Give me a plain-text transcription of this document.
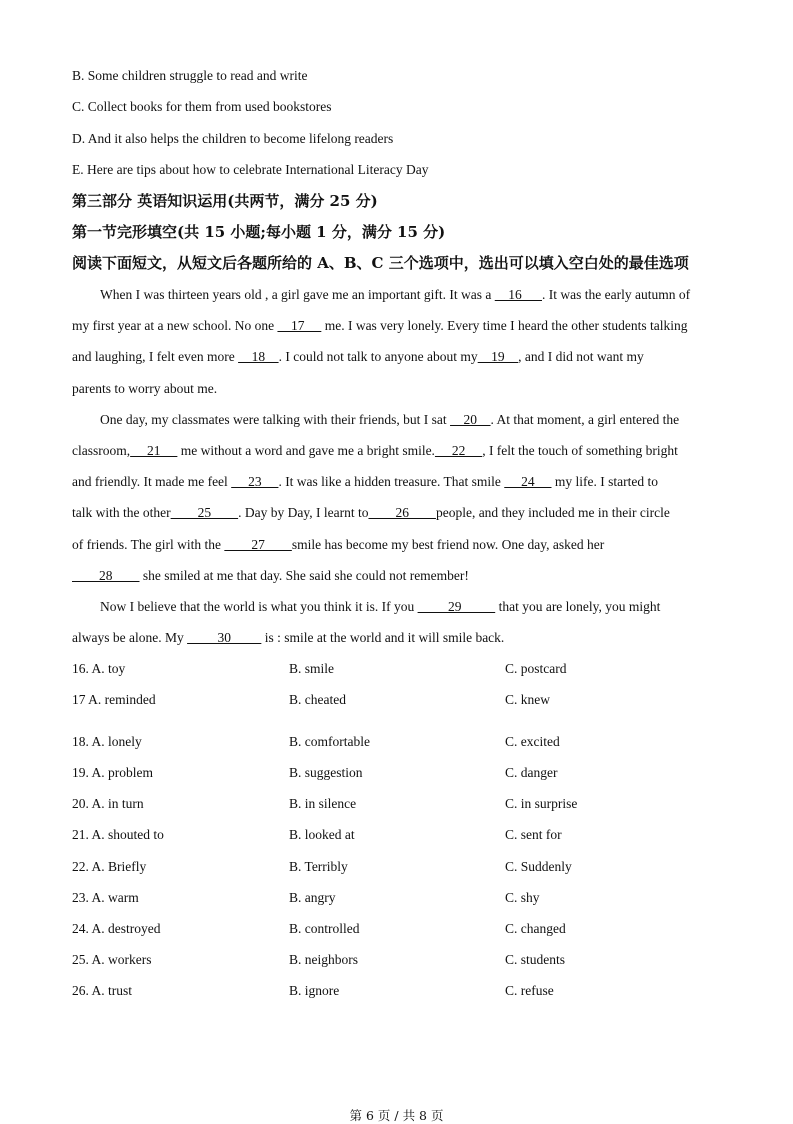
第 6 页 / 共 8 页
B. Some children struggle to read and write
C. Collect books for them from used bookstores
D. And it also helps the children to become lifelong readers
E. Here are tips about how to celebrate International Literacy Day
第三部分 英语知识运用(共两节，满分 25 分)
第一节完形填空(共 15 小题;每小题 1 分，满分 15 分)
阅读下面短文，从短文后各题所给的 A、B、C 三个选项中，选出可以填入空白处的最佳选项
When I was thirteen years old , a girl gave me an important gift. It was a     16      . It was the early autumn of
my first year at a new school. No one     17      me. I was very lonely. Every time I heard the other students talking
and laughing, I felt even more     18    . I could not talk to anyone about my    19    , and I did not want my
parents to worry about me.
One day, my classmates were talking with their friends, but I sat     20    . At that moment, a girl entered the
classroom,     21      me without a word and gave me a bright smile.     22     , I felt the touch of something bright
and friendly. It made me feel      23     . It was like a hidden treasure. That smile      24      my life. I started to
talk with the other        25        . Day by Day, I learnt to        26        people, and they included me in their circle
of friends. The girl with the         27        smile has become my best friend now. One day, asked her
28         she smiled at me that day. She said she could not remember!
Now I believe that the world is what you think it is. If you          29           that you are lonely, you might
always be alone. My          30          is : smile at the world and it will smile back.
16. A. toy	B. smile	C. postcard
17 A. reminded	B. cheated	C. knew
18. A. lonely	B. comfortable	C. excited
19. A. problem	B. suggestion	C. danger
20. A. in turn	B. in silence	C. in surprise
21. A. shouted to	B. looked at	C. sent for
22. A. Briefly	B. Terribly	C. Suddenly
23. A. warm	B. angry	C. shy
24. A. destroyed	B. controlled	C. changed
25. A. workers	B. neighbors	C. students
26. A. trust	B. ignore	C. refuse
